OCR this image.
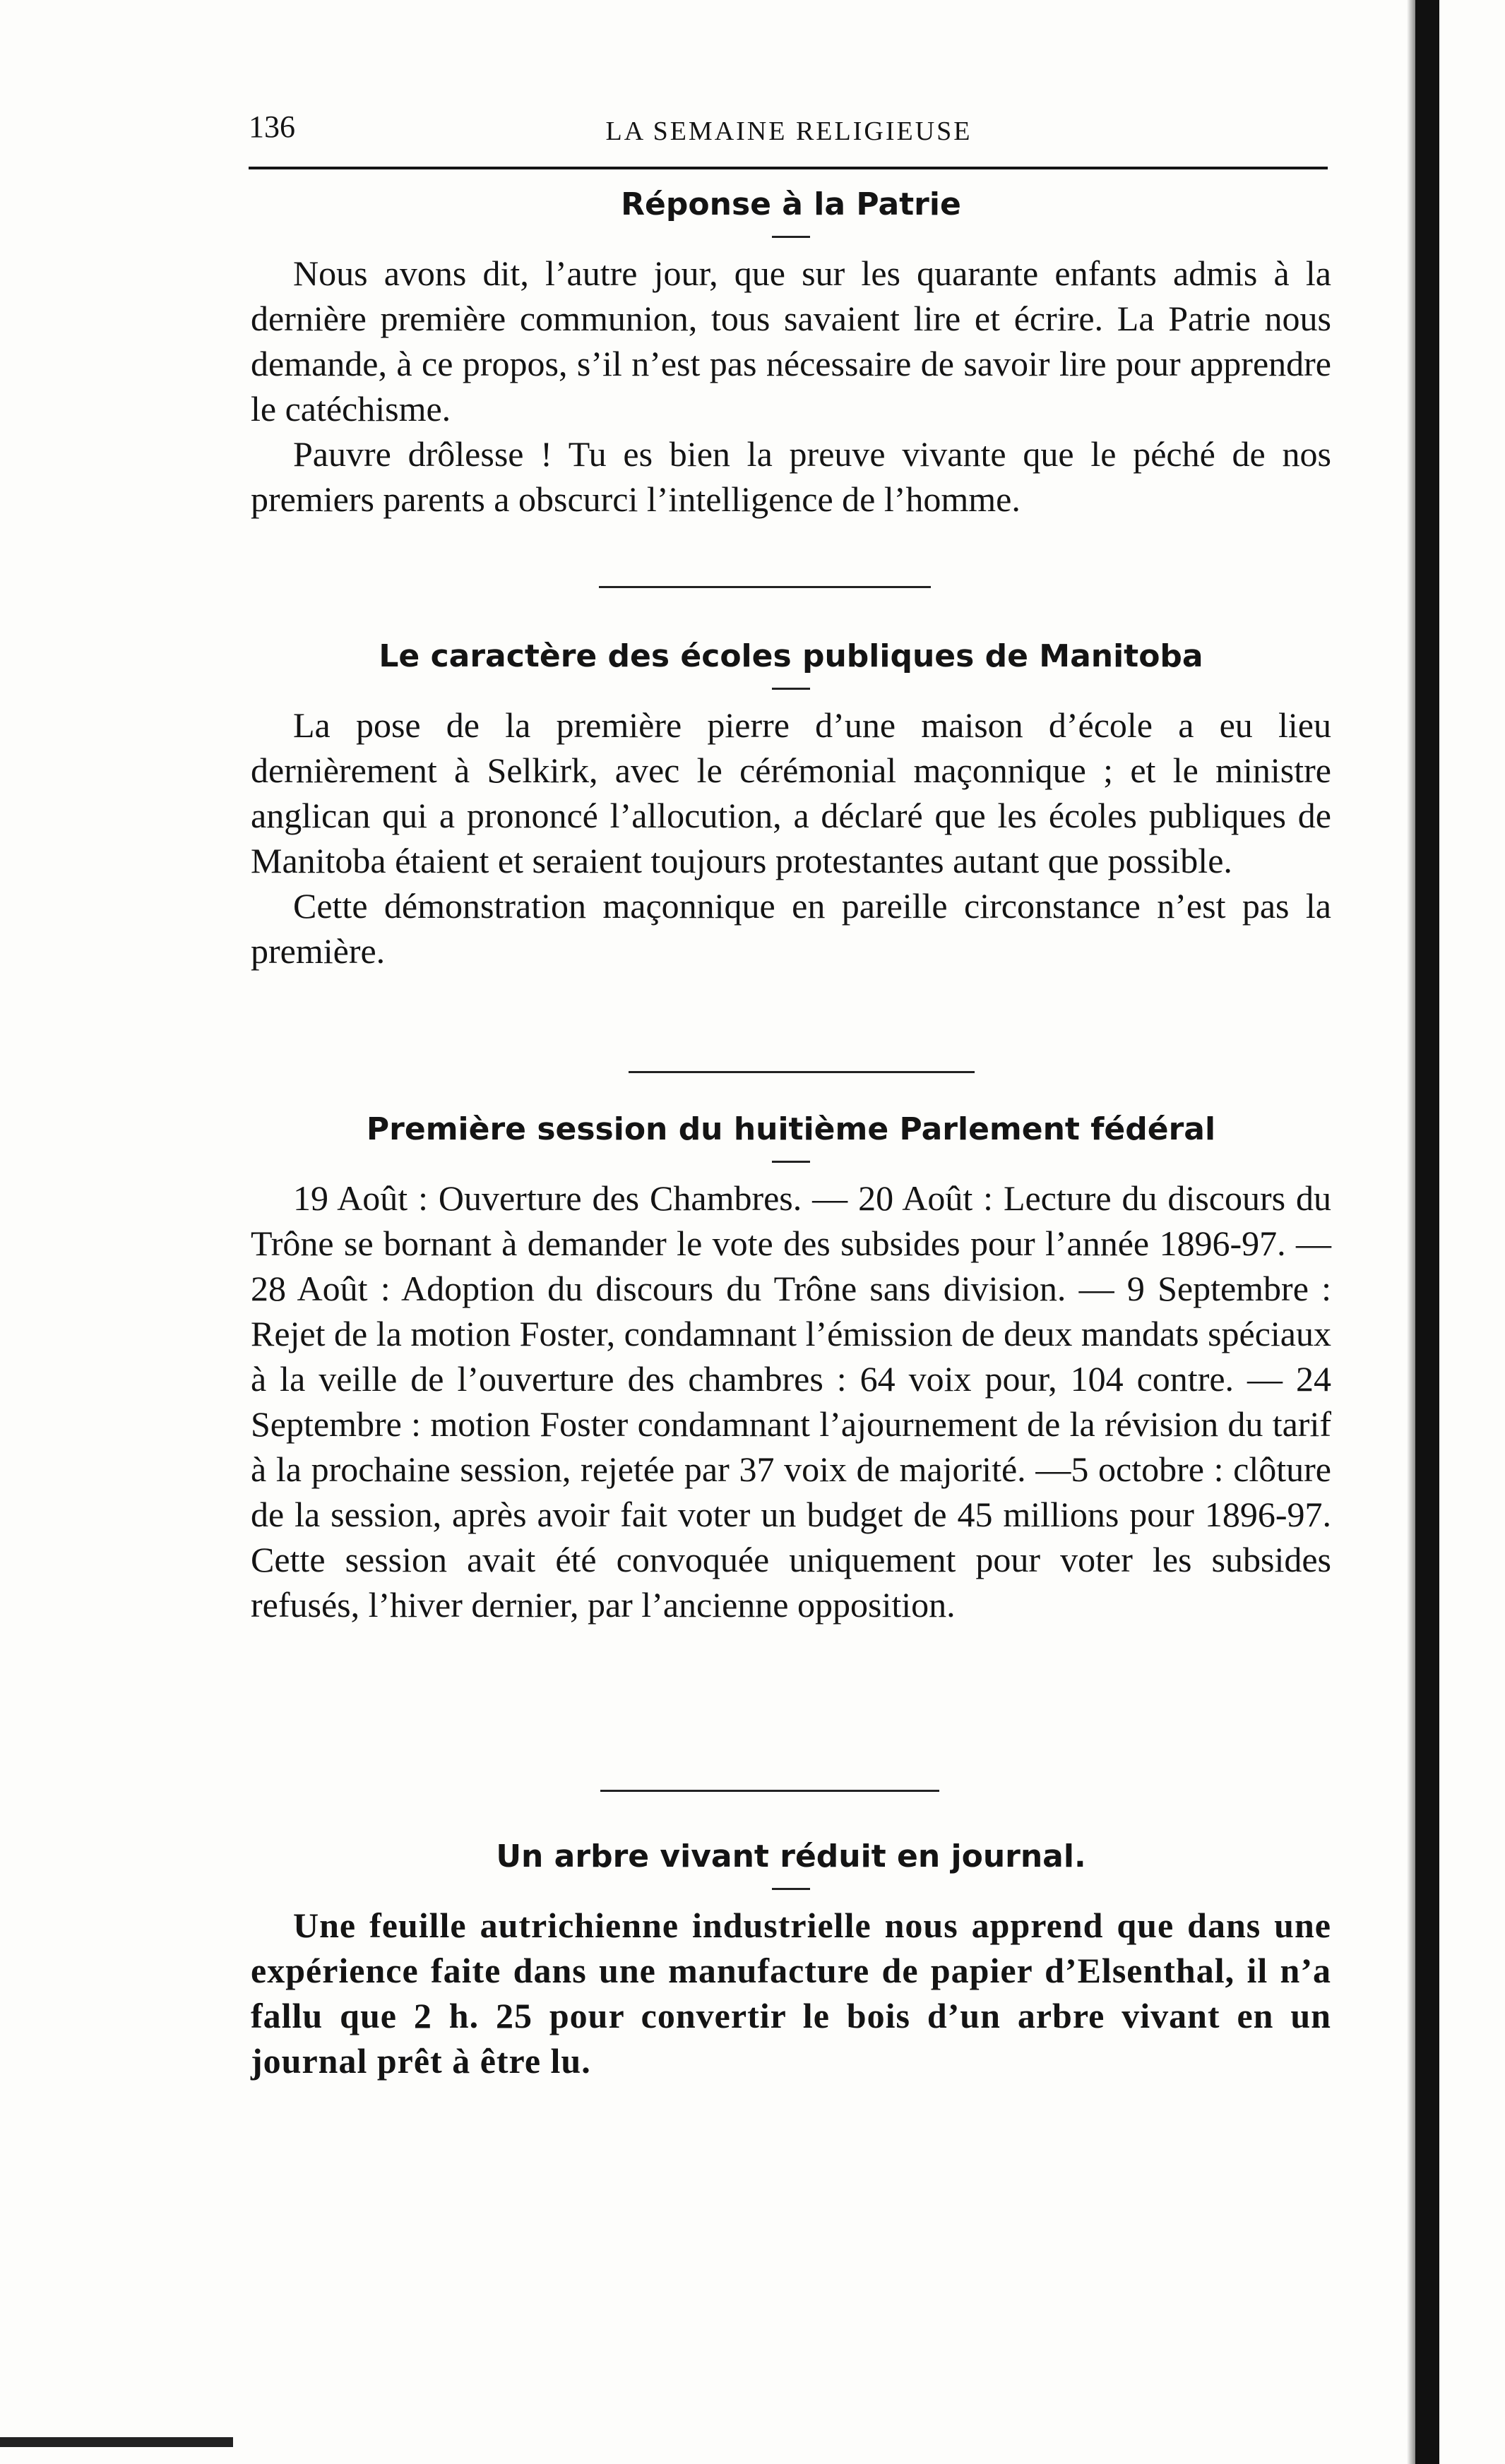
136	LA SEMAINE RELIGIEUSE
Réponse à la Patrie

Nous avons dit, l’autre jour, que sur les quarante enfants admis à la dernière première communion, tous savaient lire et écrire. La Patrie nous demande, à ce propos, s’il n’est pas nécessaire de savoir lire pour apprendre le catéchisme.

Pauvre drôlesse ! Tu es bien la preuve vivante que le péché de nos premiers parents a obscurci l’intelligence de l’homme.

Le caractère des écoles publiques de Manitoba

La pose de la première pierre d’une maison d’école a eu lieu dernièrement à Selkirk, avec le cérémonial maçonnique ; et le ministre anglican qui a prononcé l’allocution, a déclaré que les écoles publiques de Manitoba étaient et seraient toujours protestantes autant que possible.

Cette démonstration maçonnique en pareille circonstance n’est pas la première.

Première session du huitième Parlement fédéral

19 Août : Ouverture des Chambres. — 20 Août : Lecture du discours du Trône se bornant à demander le vote des subsides pour l’année 1896-97. — 28 Août : Adoption du discours du Trône sans division. — 9 Septembre : Rejet de la motion Foster, condamnant l’émission de deux mandats spéciaux à la veille de l’ouverture des chambres : 64 voix pour, 104 contre. — 24 Septembre : motion Foster condamnant l’ajournement de la révision du tarif à la prochaine session, rejetée par 37 voix de majorité. —5 octobre : clôture de la session, après avoir fait voter un budget de 45 millions pour 1896-97. Cette session avait été convoquée uniquement pour voter les subsides refusés, l’hiver dernier, par l’ancienne opposition.

Un arbre vivant réduit en journal.

Une feuille autrichienne industrielle nous apprend que dans une expérience faite dans une manufacture de papier d’Elsenthal, il n’a fallu que 2 h. 25 pour convertir le bois d’un arbre vivant en un journal prêt à être lu.
